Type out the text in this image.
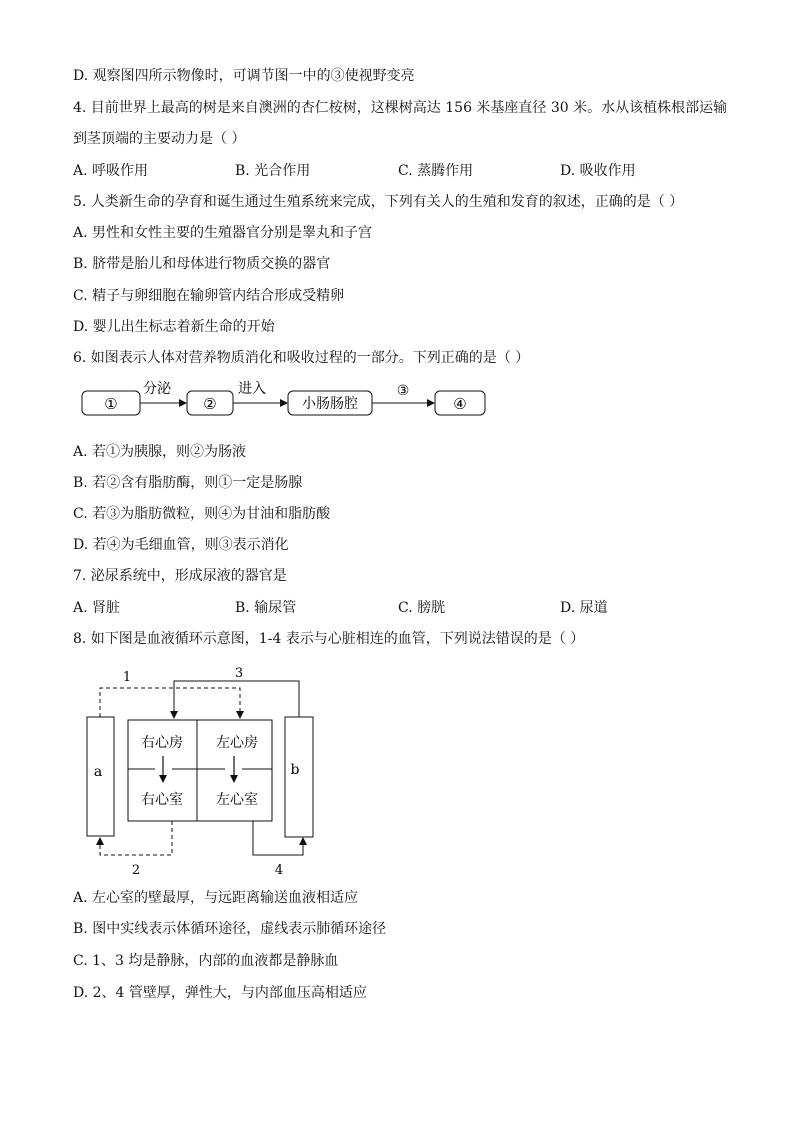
D. 观察图四所示物像时，可调节图一中的③使视野变亮
4. 目前世界上最高的树是来自澳洲的杏仁桉树，这棵树高达 156 米基座直径 30 米。水从该植株根部运输
到茎顶端的主要动力是（ ）
A. 呼吸作用	B. 光合作用	C. 蒸腾作用	D. 吸收作用
5. 人类新生命的孕育和诞生通过生殖系统来完成，下列有关人的生殖和发育的叙述，正确的是（ ）
A. 男性和女性主要的生殖器官分别是睾丸和子宫
B. 脐带是胎儿和母体进行物质交换的器官
C. 精子与卵细胞在输卵管内结合形成受精卵
D. 婴儿出生标志着新生命的开始
6. 如图表示人体对营养物质消化和吸收过程的一部分。下列正确的是（ ）
①	②	小肠肠腔	④
分泌	进入	③
A. 若①为胰腺，则②为肠液
B. 若②含有脂肪酶，则①一定是肠腺
C. 若③为脂肪微粒，则④为甘油和脂肪酸
D. 若④为毛细血管，则③表示消化
7. 泌尿系统中，形成尿液的器官是
A. 肾脏	B. 输尿管	C. 膀胱	D. 尿道
8. 如下图是血液循环示意图，1-4 表示与心脏相连的血管，下列说法错误的是（ ）
a	b
右心房 左心房
右心室 左心室
1	3
2	4
A. 左心室的壁最厚，与远距离输送血液相适应
B. 图中实线表示体循环途径，虚线表示肺循环途径
C. 1、3 均是静脉，内部的血液都是静脉血
D. 2、4 管壁厚，弹性大，与内部血压高相适应
